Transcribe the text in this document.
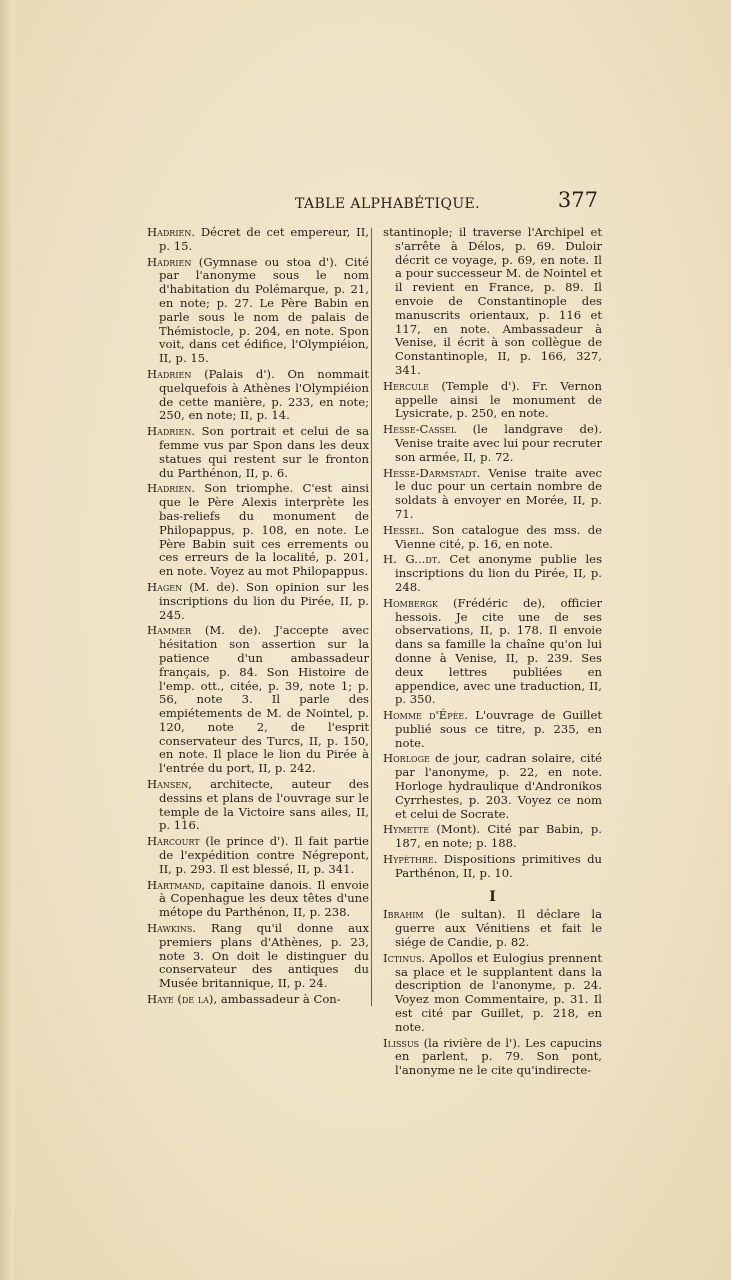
TABLE ALPHABÉTIQUE.	377

Hadrien. Décret de cet empereur, II, p. 15.

Hadrien (Gymnase ou stoa d'). Cité par l'anonyme sous le nom d'habitation du Polémarque, p. 21, en note; p. 27. Le Père Babin en parle sous le nom de palais de Thémistocle, p. 204, en note. Spon voit, dans cet édifice, l'Olympiéion, II, p. 15.

Hadrien (Palais d'). On nommait quelquefois à Athènes l'Olympiéion de cette manière, p. 233, en note; 250, en note; II, p. 14.

Hadrien. Son portrait et celui de sa femme vus par Spon dans les deux statues qui restent sur le fronton du Parthénon, II, p. 6.

Hadrien. Son triomphe. C'est ainsi que le Père Alexis interprète les bas-reliefs du monument de Philopappus, p. 108, en note. Le Père Babin suit ces errements ou ces erreurs de la localité, p. 201, en note. Voyez au mot Philopappus.

Hagen (M. de). Son opinion sur les inscriptions du lion du Pirée, II, p. 245.

Hammer (M. de). J'accepte avec hésitation son assertion sur la patience d'un ambassadeur français, p. 84. Son Histoire de l'emp. ott., citée, p. 39, note 1; p. 56, note 3. Il parle des empiétements de M. de Nointel, p. 120, note 2, de l'esprit conservateur des Turcs, II, p. 150, en note. Il place le lion du Pirée à l'entrée du port, II, p. 242.

Hansen, architecte, auteur des dessins et plans de l'ouvrage sur le temple de la Victoire sans ailes, II, p. 116.

Harcourt (le prince d'). Il fait partie de l'expédition contre Négrepont, II, p. 293. Il est blessé, II, p. 341.

Hartmand, capitaine danois. Il envoie à Copenhague les deux têtes d'une métope du Parthénon, II, p. 238.

Hawkins. Rang qu'il donne aux premiers plans d'Athènes, p. 23, note 3. On doit le distinguer du conservateur des antiques du Musée britannique, II, p. 24.

Haye (de la), ambassadeur à Con-

stantinople; il traverse l'Archipel et s'arrête à Délos, p. 69. Duloir décrit ce voyage, p. 69, en note. Il a pour successeur M. de Nointel et il revient en France, p. 89. Il envoie de Constantinople des manuscrits orientaux, p. 116 et 117, en note. Ambassadeur à Venise, il écrit à son collègue de Constantinople, II, p. 166, 327, 341.

Hercule (Temple d'). Fr. Vernon appelle ainsi le monument de Lysicrate, p. 250, en note.

Hesse-Cassel (le landgrave de). Venise traite avec lui pour recruter son armée, II, p. 72.

Hesse-Darmstadt. Venise traite avec le duc pour un certain nombre de soldats à envoyer en Morée, II, p. 71.

Hessel. Son catalogue des mss. de Vienne cité, p. 16, en note.

H. G...dt. Cet anonyme publie les inscriptions du lion du Pirée, II, p. 248.

Hombergk (Frédéric de), officier hessois. Je cite une de ses observations, II, p. 178. Il envoie dans sa famille la chaîne qu'on lui donne à Venise, II, p. 239. Ses deux lettres publiées en appendice, avec une traduction, II, p. 350.

Homme d'Épée. L'ouvrage de Guillet publié sous ce titre, p. 235, en note.

Horloge de jour, cadran solaire, cité par l'anonyme, p. 22, en note. Horloge hydraulique d'Andronikos Cyrrhestes, p. 203. Voyez ce nom et celui de Socrate.

Hymette (Mont). Cité par Babin, p. 187, en note; p. 188.

Hypèthre. Dispositions primitives du Parthénon, II, p. 10.

I

Ibrahim (le sultan). Il déclare la guerre aux Vénitiens et fait le siége de Candie, p. 82.

Ictinus. Apollos et Eulogius prennent sa place et le supplantent dans la description de l'anonyme, p. 24. Voyez mon Commentaire, p. 31. Il est cité par Guillet, p. 218, en note.

Ilissus (la rivière de l'). Les capucins en parlent, p. 79. Son pont, l'anonyme ne le cite qu'indirecte-
